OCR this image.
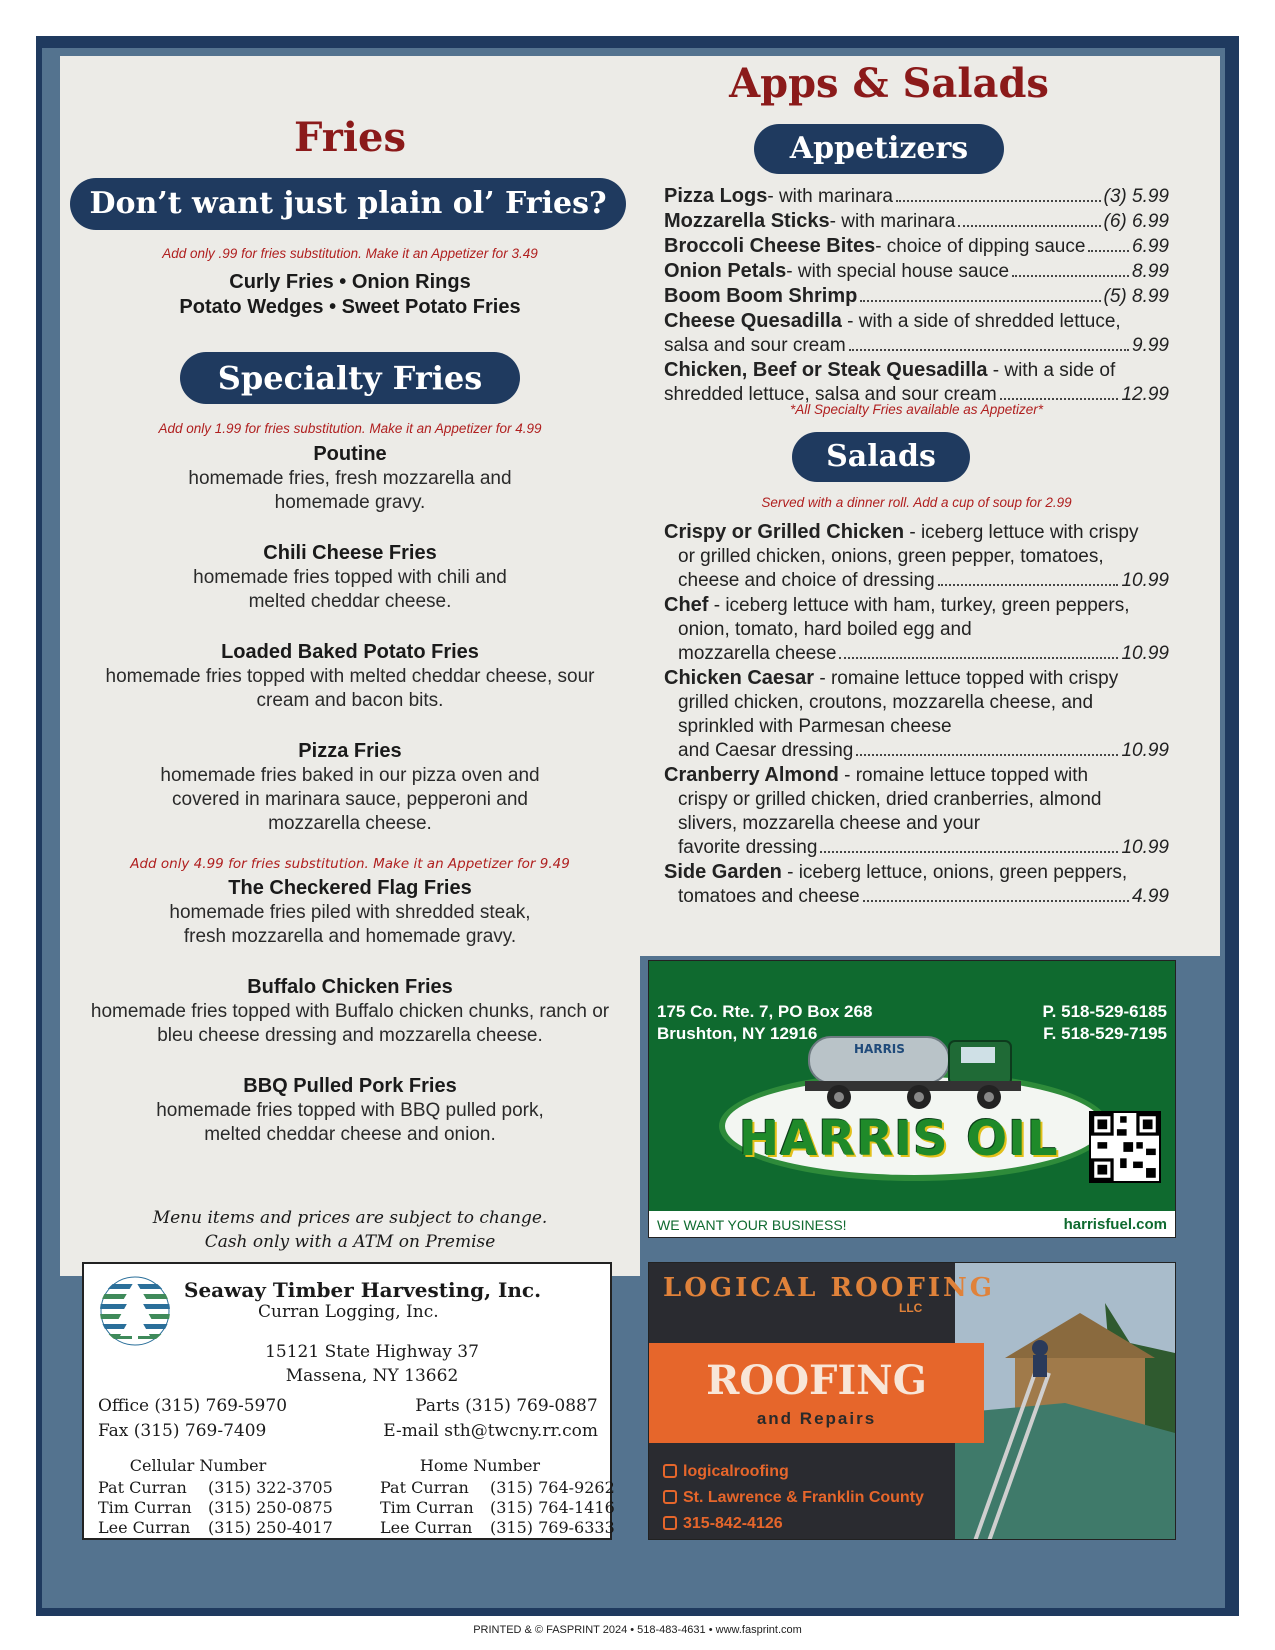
Fries
Don’t want just plain ol’ Fries?
Add only .99 for fries substitution. Make it an Appetizer for 3.49
Curly Fries • Onion Rings
Potato Wedges • Sweet Potato Fries
Specialty Fries
Add only 1.99 for fries substitution. Make it an Appetizer for 4.99
Poutine
homemade fries, fresh mozzarella and homemade gravy.
Chili Cheese Fries
homemade fries topped with chili and melted cheddar cheese.
Loaded Baked Potato Fries
homemade fries topped with melted cheddar cheese, sour cream and bacon bits.
Pizza Fries
homemade fries baked in our pizza oven and covered in marinara sauce, pepperoni and mozzarella cheese.
Add only 4.99 for fries substitution. Make it an Appetizer for 9.49
The Checkered Flag Fries
homemade fries piled with shredded steak, fresh mozzarella and homemade gravy.
Buffalo Chicken Fries
homemade fries topped with Buffalo chicken chunks, ranch or bleu cheese dressing and mozzarella cheese.
BBQ Pulled Pork Fries
homemade fries topped with BBQ pulled pork, melted cheddar cheese and onion.
Menu items and prices are subject to change.
Cash only with a ATM on Premise
Apps & Salads
Appetizers
Pizza Logs - with marinara	(3) 5.99
Mozzarella Sticks - with marinara	(6) 6.99
Broccoli Cheese Bites - choice of dipping sauce 6.99
Onion Petals - with special house sauce	8.99
Boom Boom Shrimp	(5) 8.99
Cheese Quesadilla - with a side of shredded lettuce,
salsa and sour cream	9.99
Chicken, Beef or Steak Quesadilla - with a side of
shredded lettuce, salsa and sour cream	12.99
*All Specialty Fries available as Appetizer*
Salads
Served with a dinner roll. Add a cup of soup for 2.99
Crispy or Grilled Chicken - iceberg lettuce with crispy
or grilled chicken, onions, green pepper, tomatoes,
cheese and choice of dressing	10.99
Chef - iceberg lettuce with ham, turkey, green peppers,
onion, tomato, hard boiled egg and
mozzarella cheese	10.99
Chicken Caesar - romaine lettuce topped with crispy
grilled chicken, croutons, mozzarella cheese, and
sprinkled with Parmesan cheese
and Caesar dressing	10.99
Cranberry Almond - romaine lettuce topped with
crispy or grilled chicken, dried cranberries, almond
slivers, mozzarella cheese and your
favorite dressing	10.99
Side Garden - iceberg lettuce, onions, green peppers,
tomatoes and cheese	4.99
175 Co. Rte. 7, PO Box 268
Brushton, NY 12916
P. 518-529-6185
F. 518-529-7195
HARRIS
HARRIS OIL
WE WANT YOUR BUSINESS!	harrisfuel.com
Seaway Timber Harvesting, Inc.
Curran Logging, Inc.
15121 State Highway 37
Massena, NY 13662
Office (315) 769-5970
Fax (315) 769-7409
Parts (315) 769-0887
E-mail sth@twcny.rr.com
Cellular Number
Pat Curran	(315) 322-3705
Tim Curran	(315) 250-0875
Lee Curran	(315) 250-4017
Home Number
Pat Curran	(315) 764-9262
Tim Curran	(315) 764-1416
Lee Curran	(315) 769-6333
LOGICAL ROOFING
LLC
ROOFING
and Repairs
logicalroofing
St. Lawrence & Franklin County
315-842-4126
PRINTED & © FASPRINT 2024 • 518-483-4631 • www.fasprint.com
